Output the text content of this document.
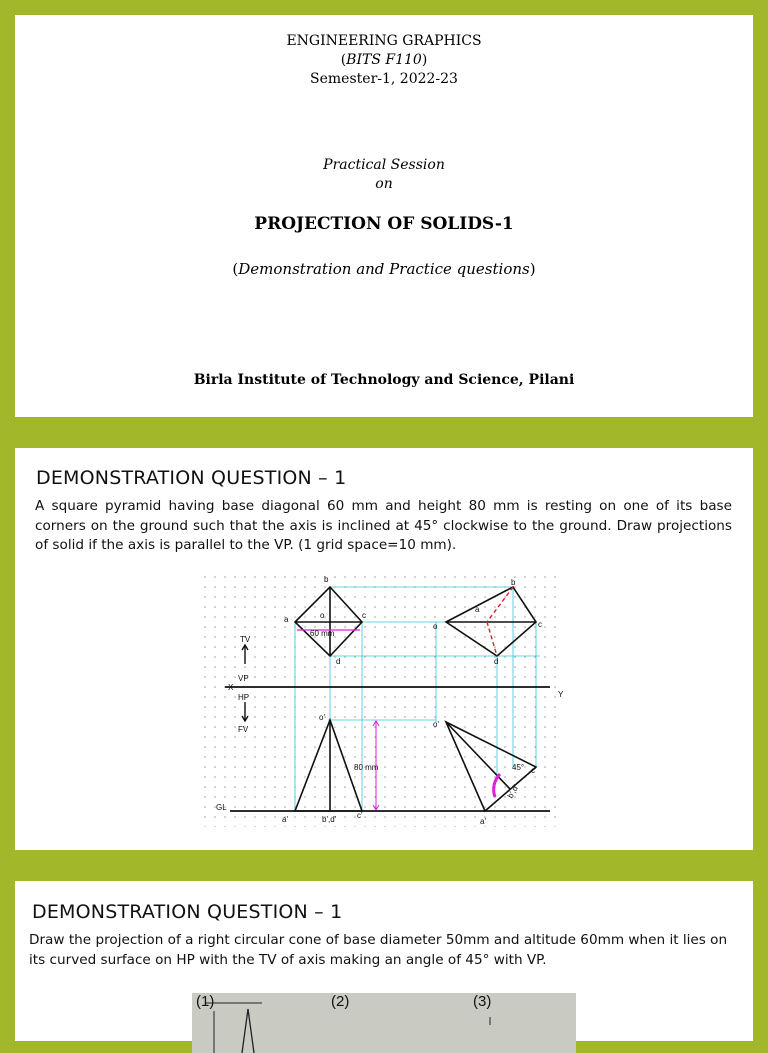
ENGINEERING GRAPHICS
(BITS F110)
Semester-1, 2022-23
Practical Session
on
PROJECTION OF SOLIDS-1
(Demonstration and Practice questions)
Birla Institute of Technology and Science, Pilani
DEMONSTRATION QUESTION – 1
A square pyramid having base diagonal 60 mm and height 80 mm is resting on one of its base corners on the ground such that the axis is inclined at 45° clockwise to the ground. Draw projections of solid if the axis is parallel to the VP. (1 grid space=10 mm).
b
a	c
o
d
60 mm
TV
VP
X
HP
FV
Y
GL
o'
80 mm
a'	b',d'	c'
b
a
o	c
d
o'
45° c'
b',d'
a'
DEMONSTRATION QUESTION – 1
Draw the projection of a right circular cone of base diameter 50mm and altitude 60mm when it lies on its curved surface on HP with the TV of axis making an angle of 45° with VP.
(1)	(2)	(3)
